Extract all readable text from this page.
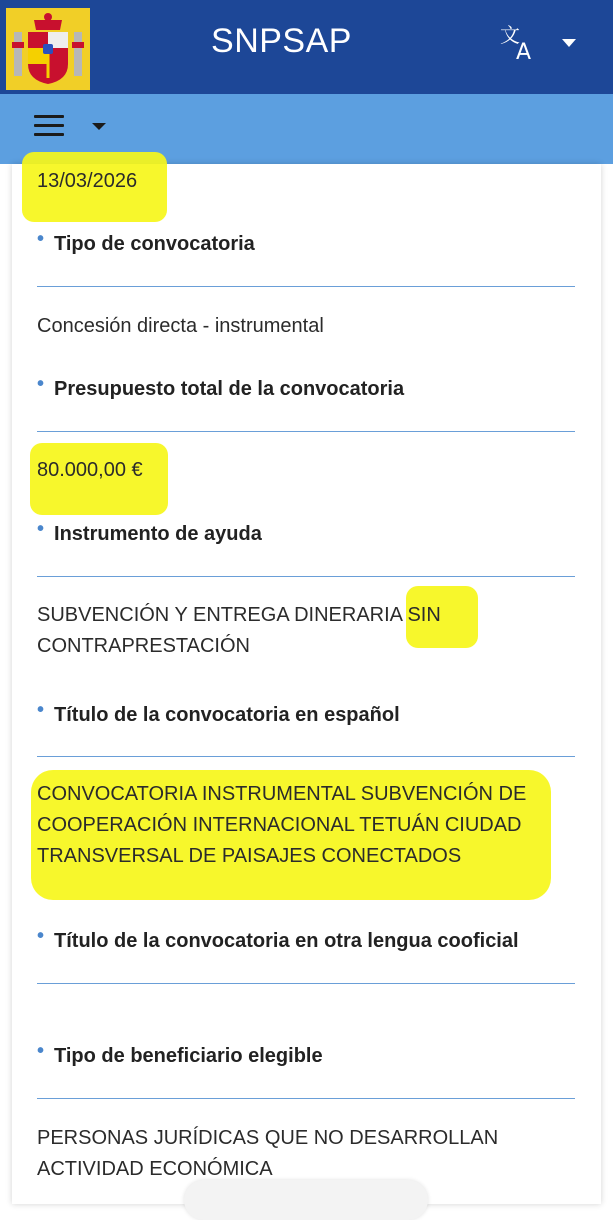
SNPSAP	文
A
13/03/2026
• Tipo de convocatoria
Concesión directa - instrumental
• Presupuesto total de la convocatoria
80.000,00 €
• Instrumento de ayuda
SUBVENCIÓN Y ENTREGA DINERARIA SIN
CONTRAPRESTACIÓN
• Título de la convocatoria en español
CONVOCATORIA INSTRUMENTAL SUBVENCIÓN DE
COOPERACIÓN INTERNACIONAL TETUÁN CIUDAD
TRANSVERSAL DE PAISAJES CONECTADOS
• Título de la convocatoria en otra lengua cooficial
• Tipo de beneficiario elegible
PERSONAS JURÍDICAS QUE NO DESARROLLAN
ACTIVIDAD ECONÓMICA
